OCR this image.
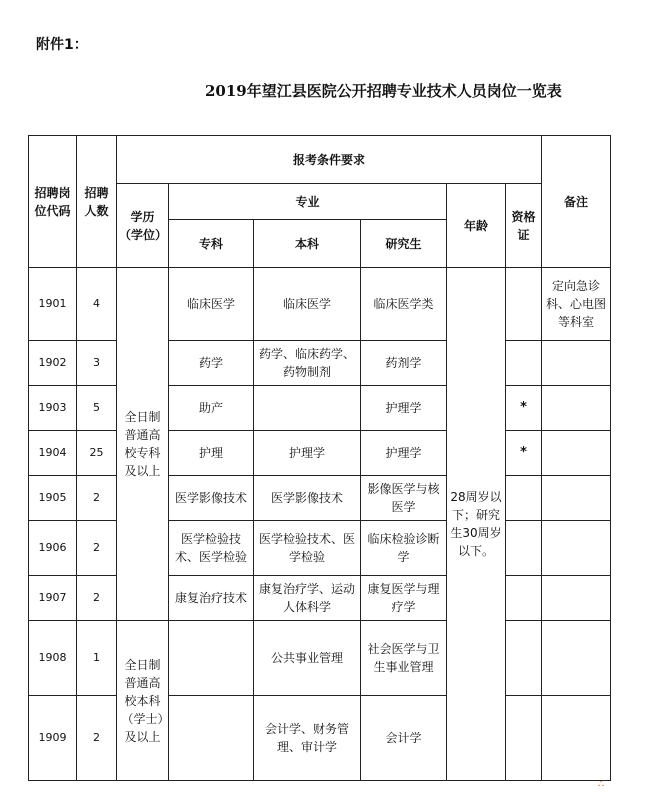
附件1：
2019年望江县医院公开招聘专业技术人员岗位一览表
招聘岗位代码	招聘人数	报考条件要求						备注
		学历（学位）	专业			年龄	资格证	
			专科	本科	研究生			
1901	4	全日制普通高校专科及以上	临床医学	临床医学	临床医学类	28周岁以下；研究生30周岁以下。		定向急诊科、心电图等科室
1902	3		药学	药学、临床药学、药物制剂	药剂学			
1903	5		助产		护理学		*	
1904	25		护理	护理学	护理学		*	
1905	2		医学影像技术	医学影像技术	影像医学与核医学			
1906	2		医学检验技术、医学检验	医学检验技术、医学检验	临床检验诊断学			
1907	2		康复治疗技术	康复治疗学、运动人体科学	康复医学与理疗学			
1908	1	全日制普通高校本科（学士）及以上		公共事业管理	社会医学与卫生事业管理			
1909	2			会计学、财务管理、审计学	会计学			
∴
